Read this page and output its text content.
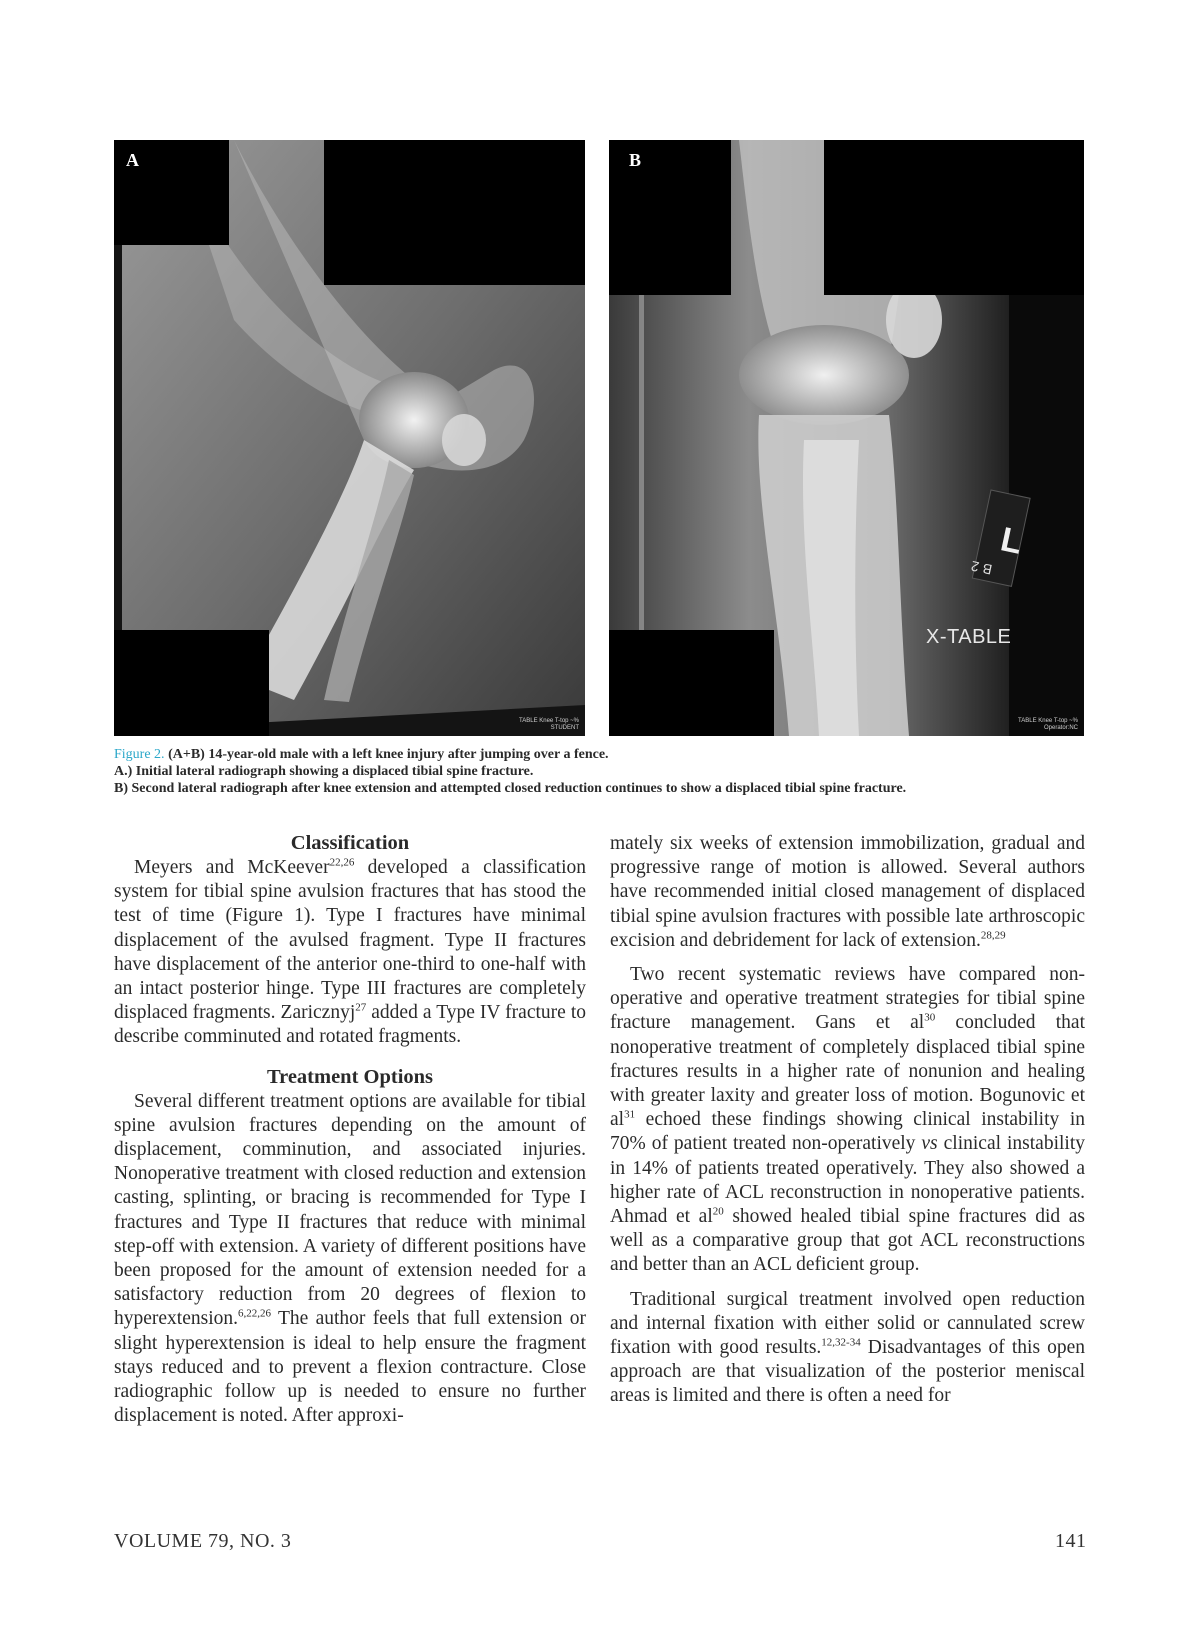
A
TABLE Knee T-top ~%
STUDENT
B
X-TABLE
L
B 2
TABLE Knee T-top ~%
Operator:NC
Figure 2. (A+B) 14-year-old male with a left knee injury after jumping over a fence.
A.) Initial lateral radiograph showing a displaced tibial spine fracture.
B) Second lateral radiograph after knee extension and attempted closed reduction continues to show a displaced tibial spine fracture.
Classification

Meyers and McKeever$^{22,26}$ developed a classification system for tibial spine avulsion fractures that has stood the test of time (Figure 1). Type I fractures have minimal displacement of the avulsed fragment. Type II fractures have displacement of the anterior one-third to one-half with an intact posterior hinge. Type III fractures are completely displaced fragments. Zaricznyj$^{27}$ added a Type IV fracture to describe comminuted and rotated fragments.

Treatment Options

Several different treatment options are available for tibial spine avulsion fractures depending on the amount of displacement, comminution, and associated injuries. Nonoperative treatment with closed reduction and extension casting, splinting, or bracing is recommended for Type I fractures and Type II fractures that reduce with minimal step-off with extension. A variety of different positions have been proposed for the amount of extension needed for a satisfactory reduction from 20 degrees of flexion to hyperextension.$^{6,22,26}$ The author feels that full extension or slight hyperextension is ideal to help ensure the fragment stays reduced and to prevent a flexion contracture. Close radiographic follow up is needed to ensure no further displacement is noted. After approxi-

mately six weeks of extension immobilization, gradual and progressive range of motion is allowed. Several authors have recommended initial closed management of displaced tibial spine avulsion fractures with possible late arthroscopic excision and debridement for lack of extension.$^{28,29}$

Two recent systematic reviews have compared non-operative and operative treatment strategies for tibial spine fracture management. Gans et $al^{30}$ concluded that nonoperative treatment of completely displaced tibial spine fractures results in a higher rate of nonunion and healing with greater laxity and greater loss of motion. Bogunovic et $al^{31}$ echoed these findings showing clinical instability in 70% of patient treated non-operatively vs clinical instability in 14% of patients treated operatively. They also showed a higher rate of ACL reconstruction in nonoperative patients. Ahmad et $al^{20}$ showed healed tibial spine fractures did as well as a comparative group that got ACL reconstructions and better than an ACL deficient group.

Traditional surgical treatment involved open reduction and internal fixation with either solid or cannulated screw fixation with good results.$^{12,32-34}$ Disadvantages of this open approach are that visualization of the posterior meniscal areas is limited and there is often a need for

VOLUME 79, NO. 3	141
